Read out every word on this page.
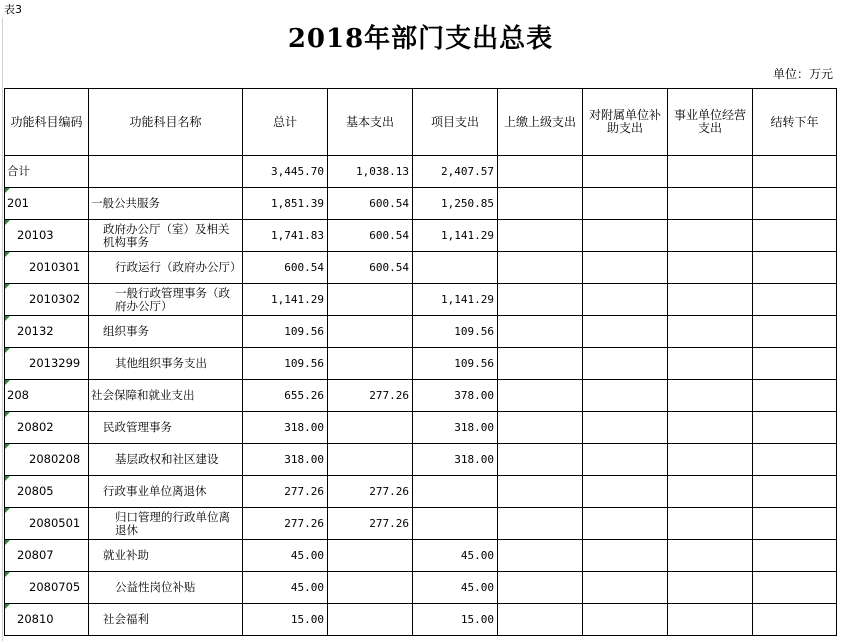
表3
2018年部门支出总表
单位：万元
功能科目编码	功能科目名称	总计	基本支出	项目支出	上缴上级支出	对附属单位补助支出	事业单位经营支出	结转下年
合计		3,445.70	1,038.13	2,407.57				
201	一般公共服务	1,851.39	600.54	1,250.85				
20103	政府办公厅（室）及相关机构事务	1,741.83	600.54	1,141.29				
2010301	行政运行（政府办公厅）	600.54	600.54					
2010302	一般行政管理事务（政府办公厅）	1,141.29		1,141.29				
20132	组织事务	109.56		109.56				
2013299	其他组织事务支出	109.56		109.56				
208	社会保障和就业支出	655.26	277.26	378.00				
20802	民政管理事务	318.00		318.00				
2080208	基层政权和社区建设	318.00		318.00				
20805	行政事业单位离退休	277.26	277.26					
2080501	归口管理的行政单位离退休	277.26	277.26					
20807	就业补助	45.00		45.00				
2080705	公益性岗位补贴	45.00		45.00				
20810	社会福利	15.00		15.00				
